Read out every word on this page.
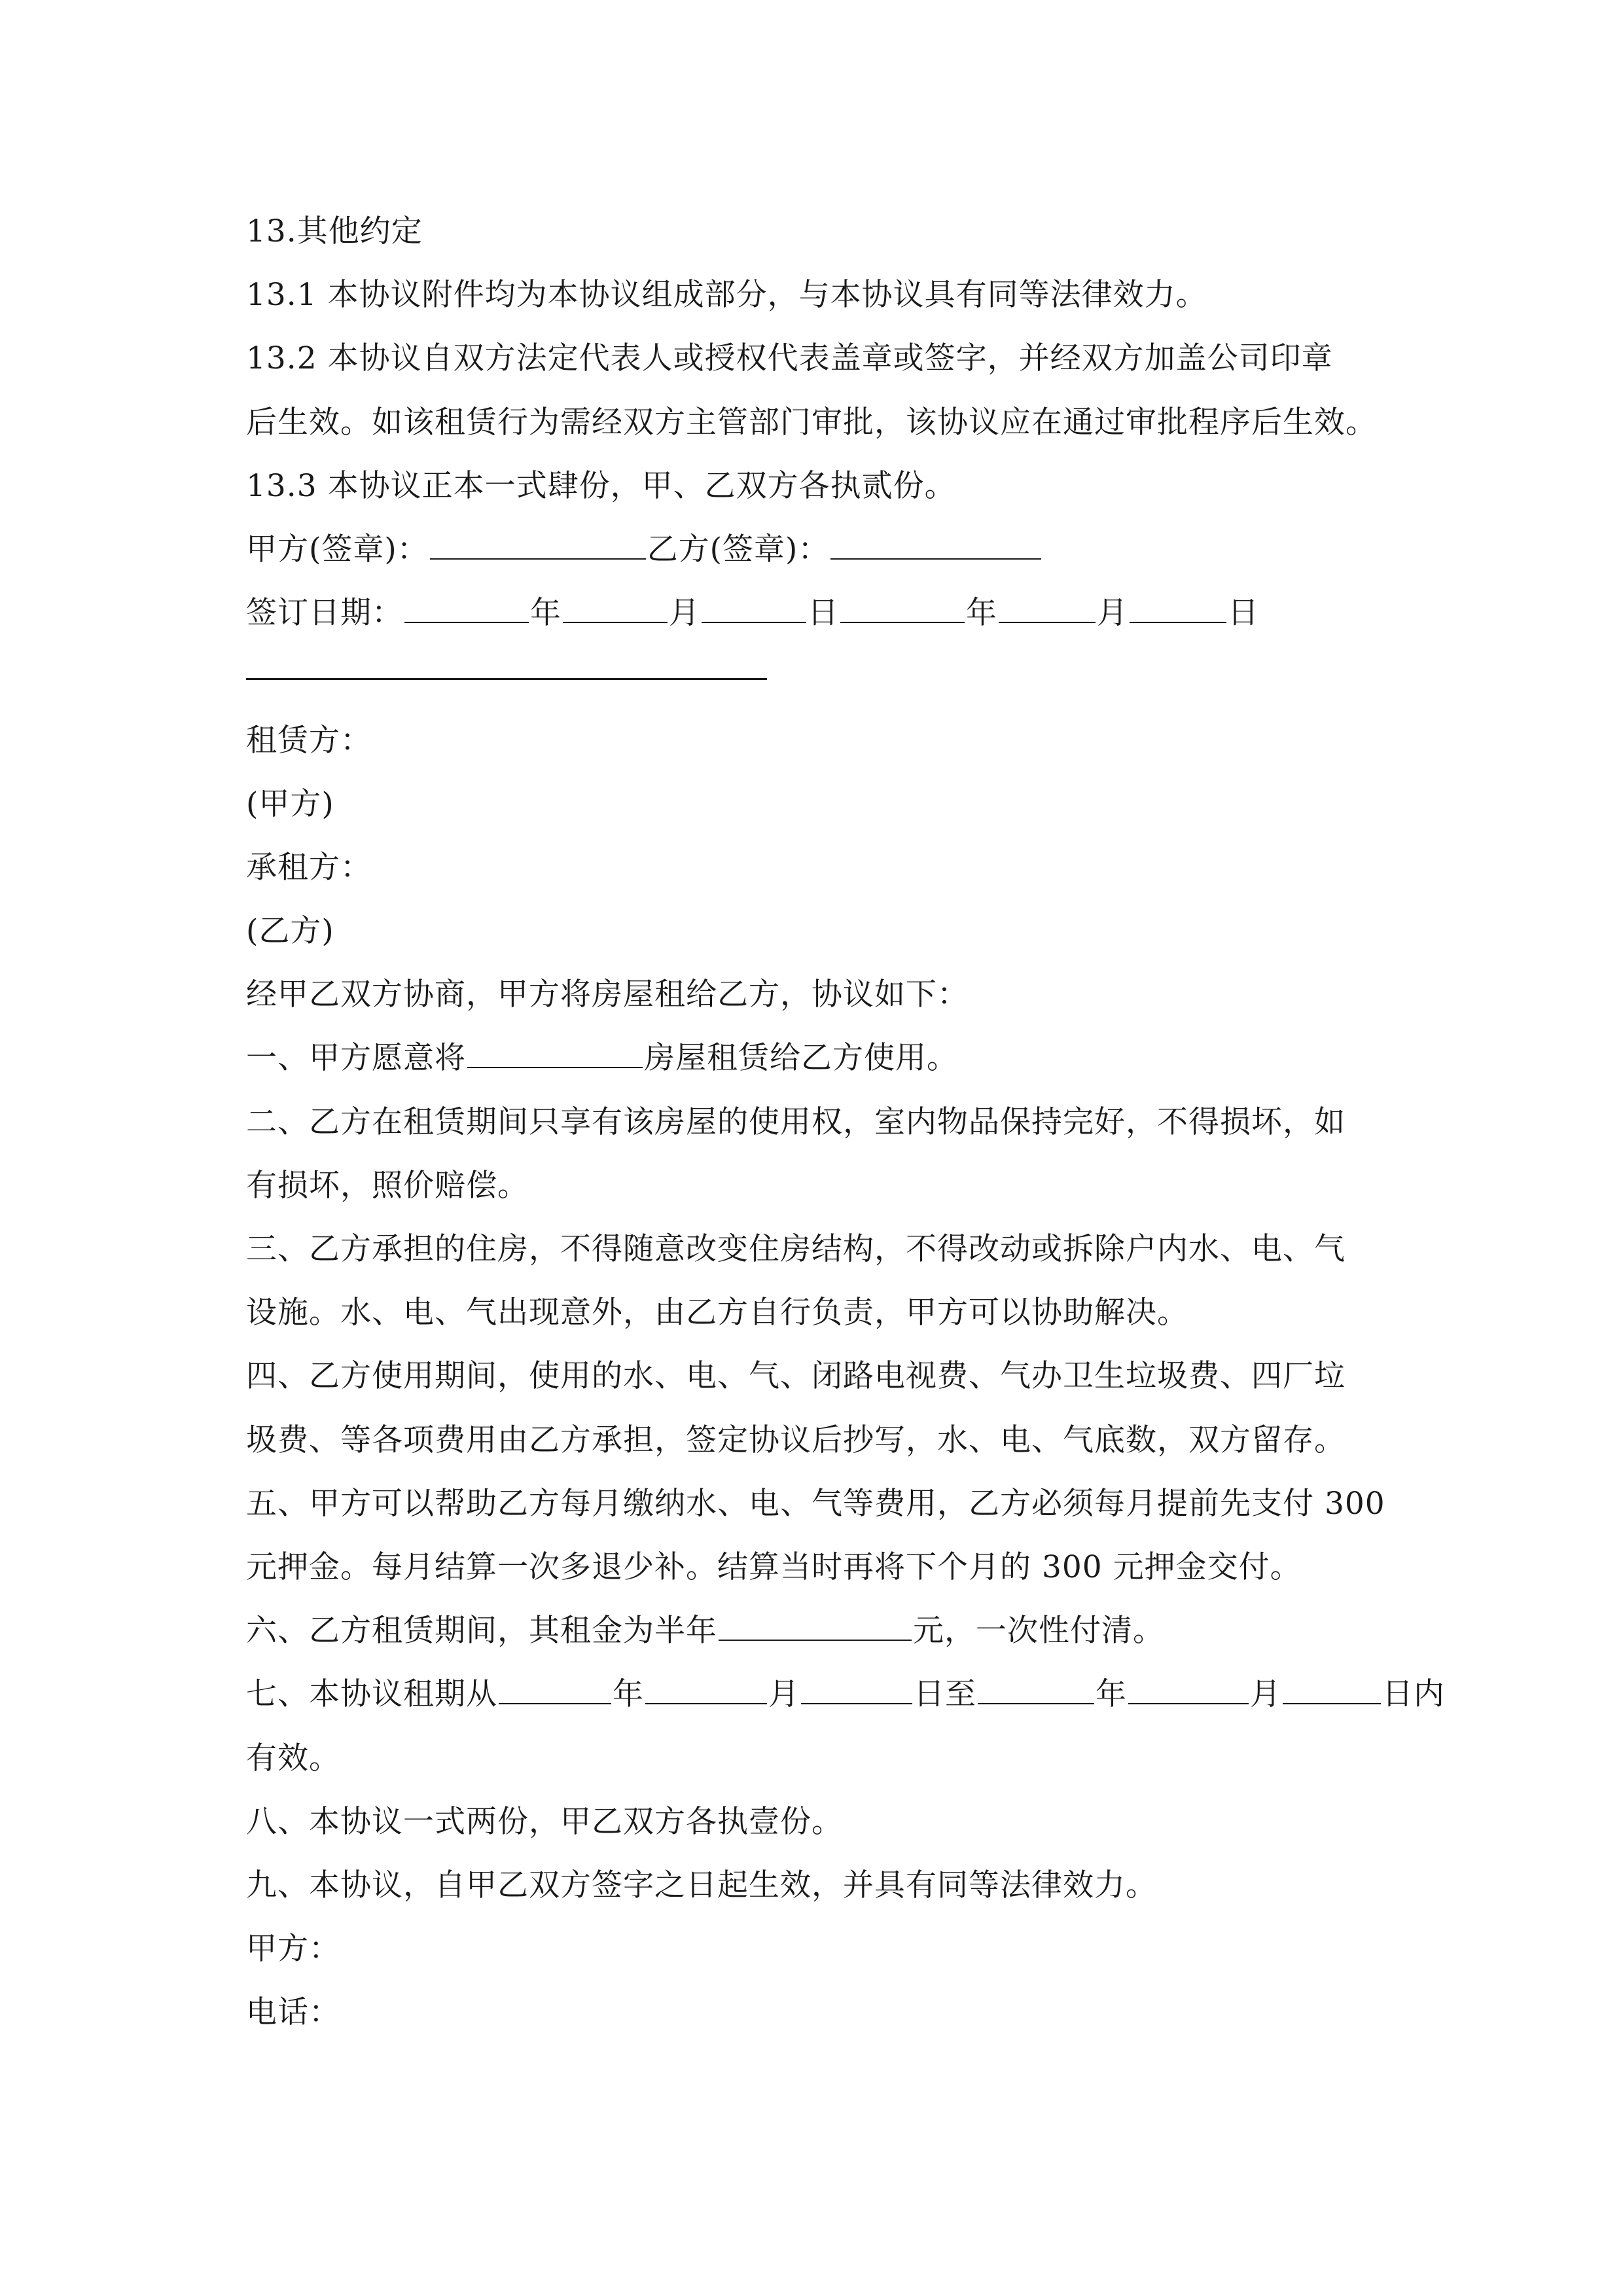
13.其他约定
13.1 本协议附件均为本协议组成部分，与本协议具有同等法律效力。
13.2 本协议自双方法定代表人或授权代表盖章或签字，并经双方加盖公司印章
后生效。如该租赁行为需经双方主管部门审批，该协议应在通过审批程序后生效。
13.3 本协议正本一式肆份，甲、乙双方各执贰份。
甲方(签章)：	乙方(签章)：
签订日期：	年	月	日	年	月	日
租赁方：
(甲方)
承租方：
(乙方)
经甲乙双方协商，甲方将房屋租给乙方，协议如下：
一、甲方愿意将	房屋租赁给乙方使用。
二、乙方在租赁期间只享有该房屋的使用权，室内物品保持完好，不得损坏，如
有损坏，照价赔偿。
三、乙方承担的住房，不得随意改变住房结构，不得改动或拆除户内水、电、气
设施。水、电、气出现意外，由乙方自行负责，甲方可以协助解决。
四、乙方使用期间，使用的水、电、气、闭路电视费、气办卫生垃圾费、四厂垃
圾费、等各项费用由乙方承担，签定协议后抄写，水、电、气底数，双方留存。
五、甲方可以帮助乙方每月缴纳水、电、气等费用，乙方必须每月提前先支付 300
元押金。每月结算一次多退少补。结算当时再将下个月的 300 元押金交付。
六、乙方租赁期间，其租金为半年	元，一次性付清。
七、本协议租期从	年	月	日至	年	月	日内
有效。
八、本协议一式两份，甲乙双方各执壹份。
九、本协议，自甲乙双方签字之日起生效，并具有同等法律效力。
甲方：
电话：
